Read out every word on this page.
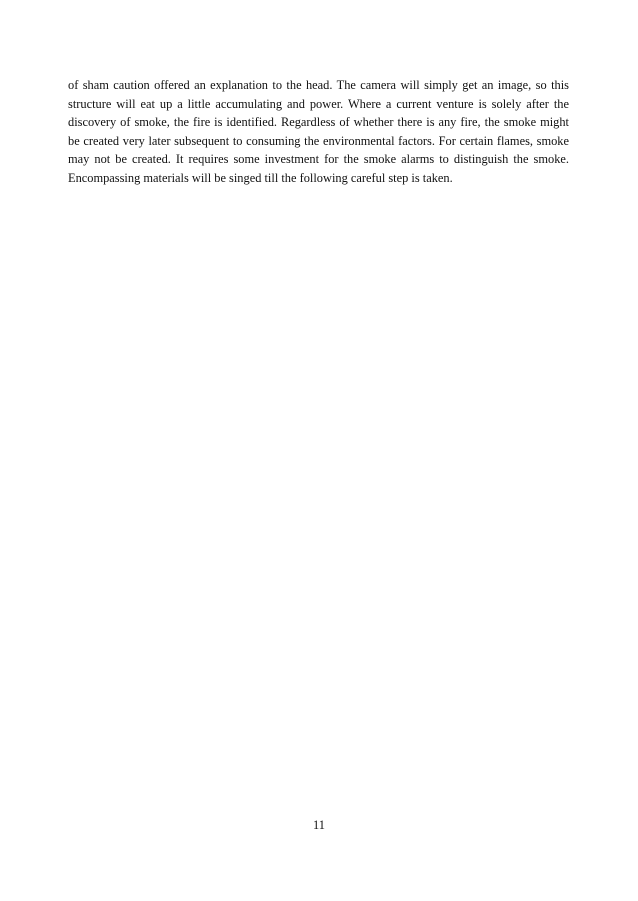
of sham caution offered an explanation to the head. The camera will simply get an image, so this structure will eat up a little accumulating and power. Where a current venture is solely after the discovery of smoke, the fire is identified. Regardless of whether there is any fire, the smoke might be created very later subsequent to consuming the environmental factors. For certain flames, smoke may not be created. It requires some investment for the smoke alarms to distinguish the smoke. Encompassing materials will be singed till the following careful step is taken.

11
